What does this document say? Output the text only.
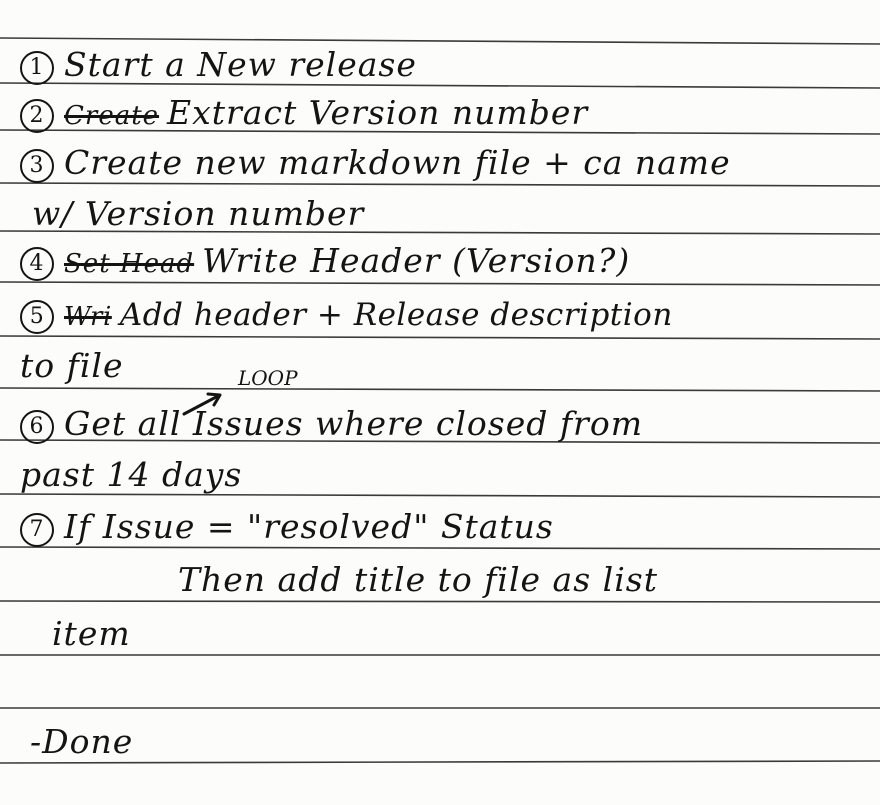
1 Start a New release
2 Create Extract Version number
3 Create new markdown file + ca name
w/ Version number
4 Set Head Write Header (Version?)
5 Wri Add header + Release description
to file	LOOP
6 Get all Issues where closed from
past 14 days
7 If Issue = "resolved" Status
Then add title to file as list
item
-Done
